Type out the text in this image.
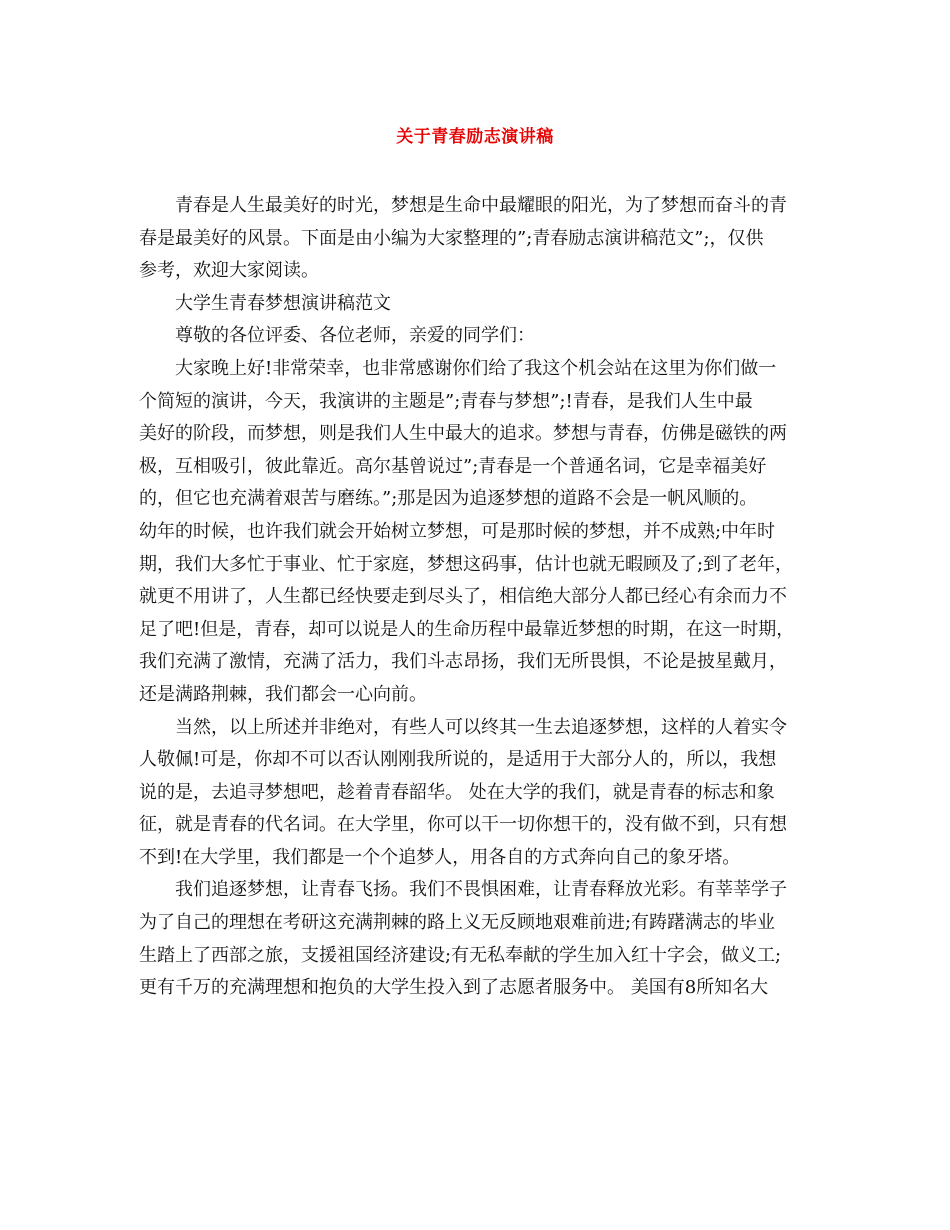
关于青春励志演讲稿
青春是人生最美好的时光，梦想是生命中最耀眼的阳光，为了梦想而奋斗的青
春是最美好的风景。下面是由小编为大家整理的”;青春励志演讲稿范文”;，仅供
参考，欢迎大家阅读。
大学生青春梦想演讲稿范文
尊敬的各位评委、各位老师，亲爱的同学们：
大家晚上好!非常荣幸，也非常感谢你们给了我这个机会站在这里为你们做一
个简短的演讲，今天，我演讲的主题是”;青春与梦想”;!青春，是我们人生中最
美好的阶段，而梦想，则是我们人生中最大的追求。梦想与青春，仿佛是磁铁的两
极，互相吸引，彼此靠近。高尔基曾说过”;青春是一个普通名词，它是幸福美好
的，但它也充满着艰苦与磨练。”;那是因为追逐梦想的道路不会是一帆风顺的。
幼年的时候，也许我们就会开始树立梦想，可是那时候的梦想，并不成熟;中年时
期，我们大多忙于事业、忙于家庭，梦想这码事，估计也就无暇顾及了;到了老年，
就更不用讲了，人生都已经快要走到尽头了，相信绝大部分人都已经心有余而力不
足了吧!但是，青春，却可以说是人的生命历程中最靠近梦想的时期，在这一时期，
我们充满了激情，充满了活力，我们斗志昂扬，我们无所畏惧，不论是披星戴月，
还是满路荆棘，我们都会一心向前。
当然，以上所述并非绝对，有些人可以终其一生去追逐梦想，这样的人着实令
人敬佩!可是，你却不可以否认刚刚我所说的，是适用于大部分人的，所以，我想
说的是，去追寻梦想吧，趁着青春韶华。 处在大学的我们，就是青春的标志和象
征，就是青春的代名词。在大学里，你可以干一切你想干的，没有做不到，只有想
不到!在大学里，我们都是一个个追梦人，用各自的方式奔向自己的象牙塔。
我们追逐梦想，让青春飞扬。我们不畏惧困难，让青春释放光彩。有莘莘学子
为了自己的理想在考研这充满荆棘的路上义无反顾地艰难前进;有踌躇满志的毕业
生踏上了西部之旅，支援祖国经济建设;有无私奉献的学生加入红十字会，做义工;
更有千万的充满理想和抱负的大学生投入到了志愿者服务中。 美国有8所知名大
